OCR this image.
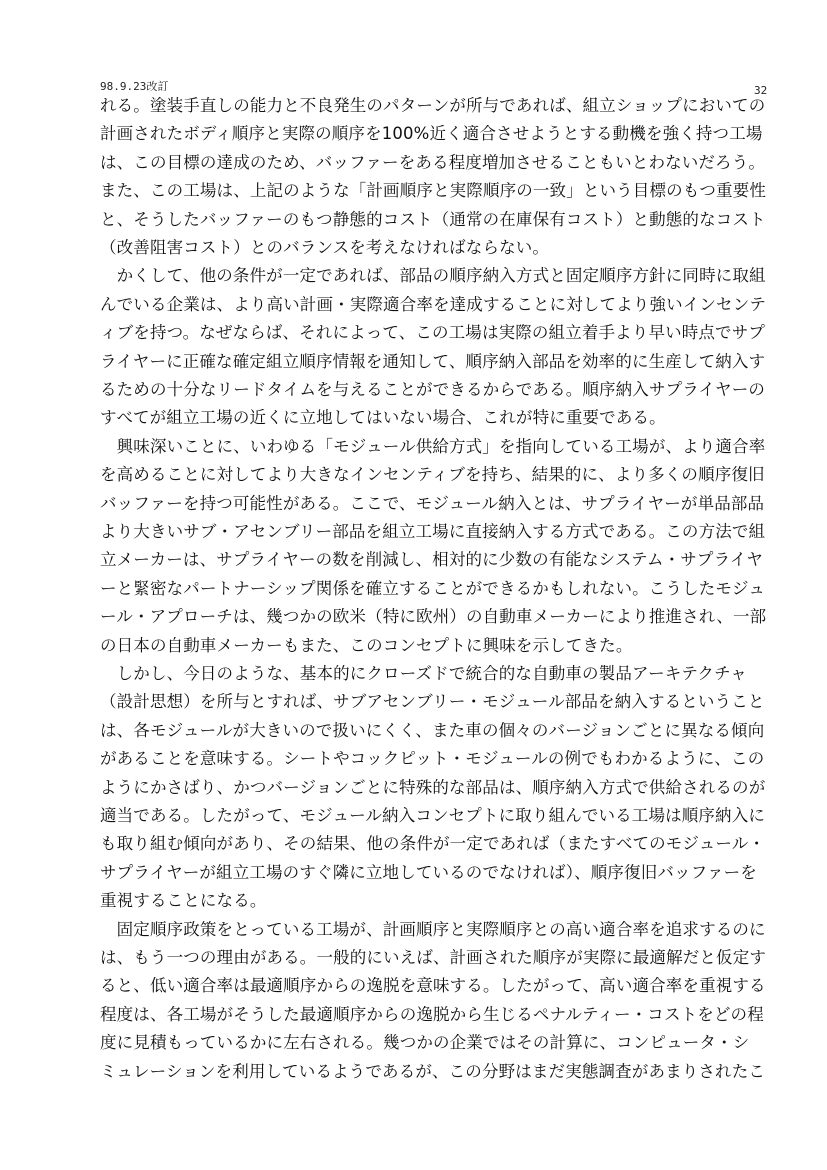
98.9.23改訂	32
れる。塗装手直しの能力と不良発生のパターンが所与であれば、組立ショップにおいての
計画されたボディ順序と実際の順序を100%近く適合させようとする動機を強く持つ工場
は、この目標の達成のため、バッファーをある程度増加させることもいとわないだろう。
また、この工場は、上記のような「計画順序と実際順序の一致」という目標のもつ重要性
と、そうしたバッファーのもつ静態的コスト（通常の在庫保有コスト）と動態的なコスト
（改善阻害コスト）とのバランスを考えなければならない。
　かくして、他の条件が一定であれば、部品の順序納入方式と固定順序方針に同時に取組
んでいる企業は、より高い計画・実際適合率を達成することに対してより強いインセンテ
ィブを持つ。なぜならば、それによって、この工場は実際の組立着手より早い時点でサプ
ライヤーに正確な確定組立順序情報を通知して、順序納入部品を効率的に生産して納入す
るための十分なリードタイムを与えることができるからである。順序納入サプライヤーの
すべてが組立工場の近くに立地してはいない場合、これが特に重要である。
　興味深いことに、いわゆる「モジュール供給方式」を指向している工場が、より適合率
を高めることに対してより大きなインセンティブを持ち、結果的に、より多くの順序復旧
バッファーを持つ可能性がある。ここで、モジュール納入とは、サプライヤーが単品部品
より大きいサブ・アセンブリー部品を組立工場に直接納入する方式である。この方法で組
立メーカーは、サプライヤーの数を削減し、相対的に少数の有能なシステム・サプライヤ
ーと緊密なパートナーシップ関係を確立することができるかもしれない。こうしたモジュ
ール・アプローチは、幾つかの欧米（特に欧州）の自動車メーカーにより推進され、一部
の日本の自動車メーカーもまた、このコンセプトに興味を示してきた。
　しかし、今日のような、基本的にクローズドで統合的な自動車の製品アーキテクチャ
（設計思想）を所与とすれば、サブアセンブリー・モジュール部品を納入するということ
は、各モジュールが大きいので扱いにくく、また車の個々のバージョンごとに異なる傾向
があることを意味する。シートやコックピット・モジュールの例でもわかるように、この
ようにかさばり、かつバージョンごとに特殊的な部品は、順序納入方式で供給されるのが
適当である。したがって、モジュール納入コンセプトに取り組んでいる工場は順序納入に
も取り組む傾向があり、その結果、他の条件が一定であれば（またすべてのモジュール・
サプライヤーが組立工場のすぐ隣に立地しているのでなければ）、順序復旧バッファーを
重視することになる。
　固定順序政策をとっている工場が、計画順序と実際順序との高い適合率を追求するのに
は、もう一つの理由がある。一般的にいえば、計画された順序が実際に最適解だと仮定す
ると、低い適合率は最適順序からの逸脱を意味する。したがって、高い適合率を重視する
程度は、各工場がそうした最適順序からの逸脱から生じるペナルティー・コストをどの程
度に見積もっているかに左右される。幾つかの企業ではその計算に、コンピュータ・シ
ミュレーションを利用しているようであるが、この分野はまだ実態調査があまりされたこ
